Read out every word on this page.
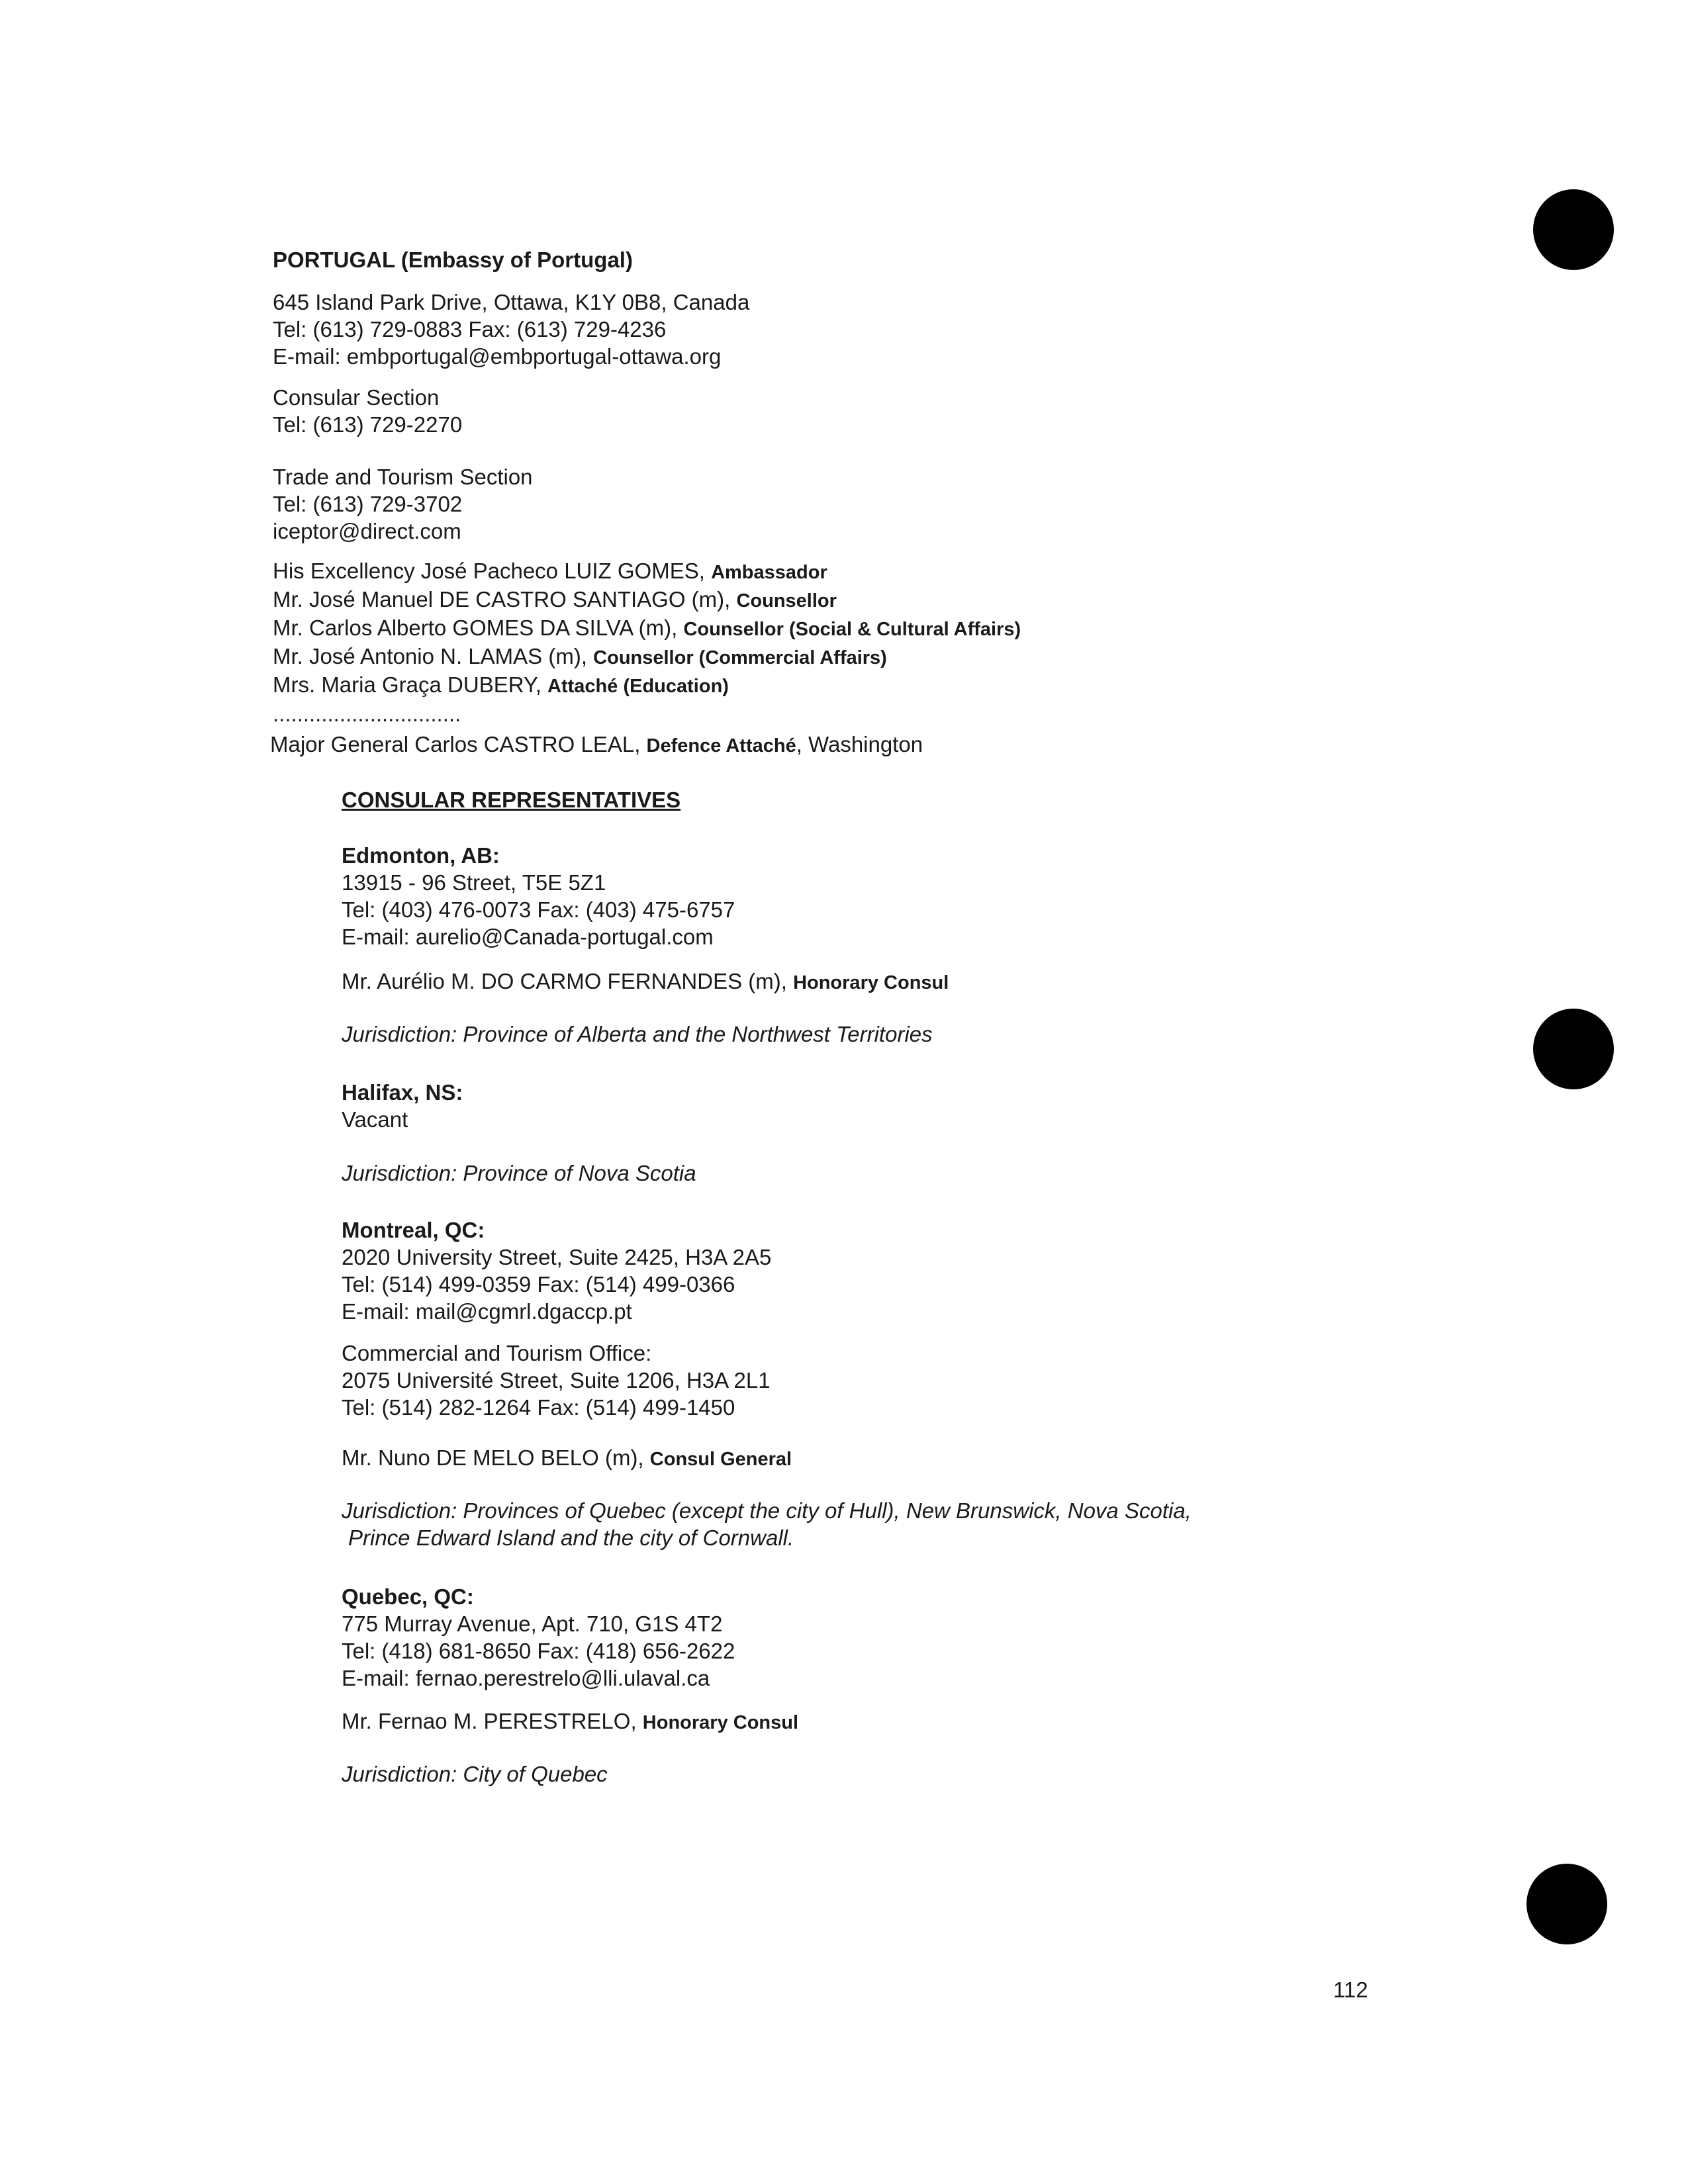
PORTUGAL (Embassy of Portugal)
645 Island Park Drive, Ottawa, K1Y 0B8, Canada
Tel: (613) 729-0883 Fax: (613) 729-4236
E-mail: embportugal@embportugal-ottawa.org
Consular Section
Tel: (613) 729-2270
Trade and Tourism Section
Tel: (613) 729-3702
iceptor@direct.com
His Excellency José Pacheco LUIZ GOMES, Ambassador
Mr. José Manuel DE CASTRO SANTIAGO (m), Counsellor
Mr. Carlos Alberto GOMES DA SILVA (m), Counsellor (Social & Cultural Affairs)
Mr. José Antonio N. LAMAS (m), Counsellor (Commercial Affairs)
Mrs. Maria Graça DUBERY, Attaché (Education)
...............................
Major General Carlos CASTRO LEAL, Defence Attaché, Washington
CONSULAR REPRESENTATIVES
Edmonton, AB:
13915 - 96 Street, T5E 5Z1
Tel: (403) 476-0073 Fax: (403) 475-6757
E-mail: aurelio@Canada-portugal.com
Mr. Aurélio M. DO CARMO FERNANDES (m), Honorary Consul
Jurisdiction: Province of Alberta and the Northwest Territories
Halifax, NS:
Vacant
Jurisdiction: Province of Nova Scotia
Montreal, QC:
2020 University Street, Suite 2425, H3A 2A5
Tel: (514) 499-0359 Fax: (514) 499-0366
E-mail: mail@cgmrl.dgaccp.pt
Commercial and Tourism Office:
2075 Université Street, Suite 1206, H3A 2L1
Tel: (514) 282-1264 Fax: (514) 499-1450
Mr. Nuno DE MELO BELO (m), Consul General
Jurisdiction: Provinces of Quebec (except the city of Hull), New Brunswick, Nova Scotia,
Prince Edward Island and the city of Cornwall.
Quebec, QC:
775 Murray Avenue, Apt. 710, G1S 4T2
Tel: (418) 681-8650 Fax: (418) 656-2622
E-mail: fernao.perestrelo@lli.ulaval.ca
Mr. Fernao M. PERESTRELO, Honorary Consul
Jurisdiction: City of Quebec
112
